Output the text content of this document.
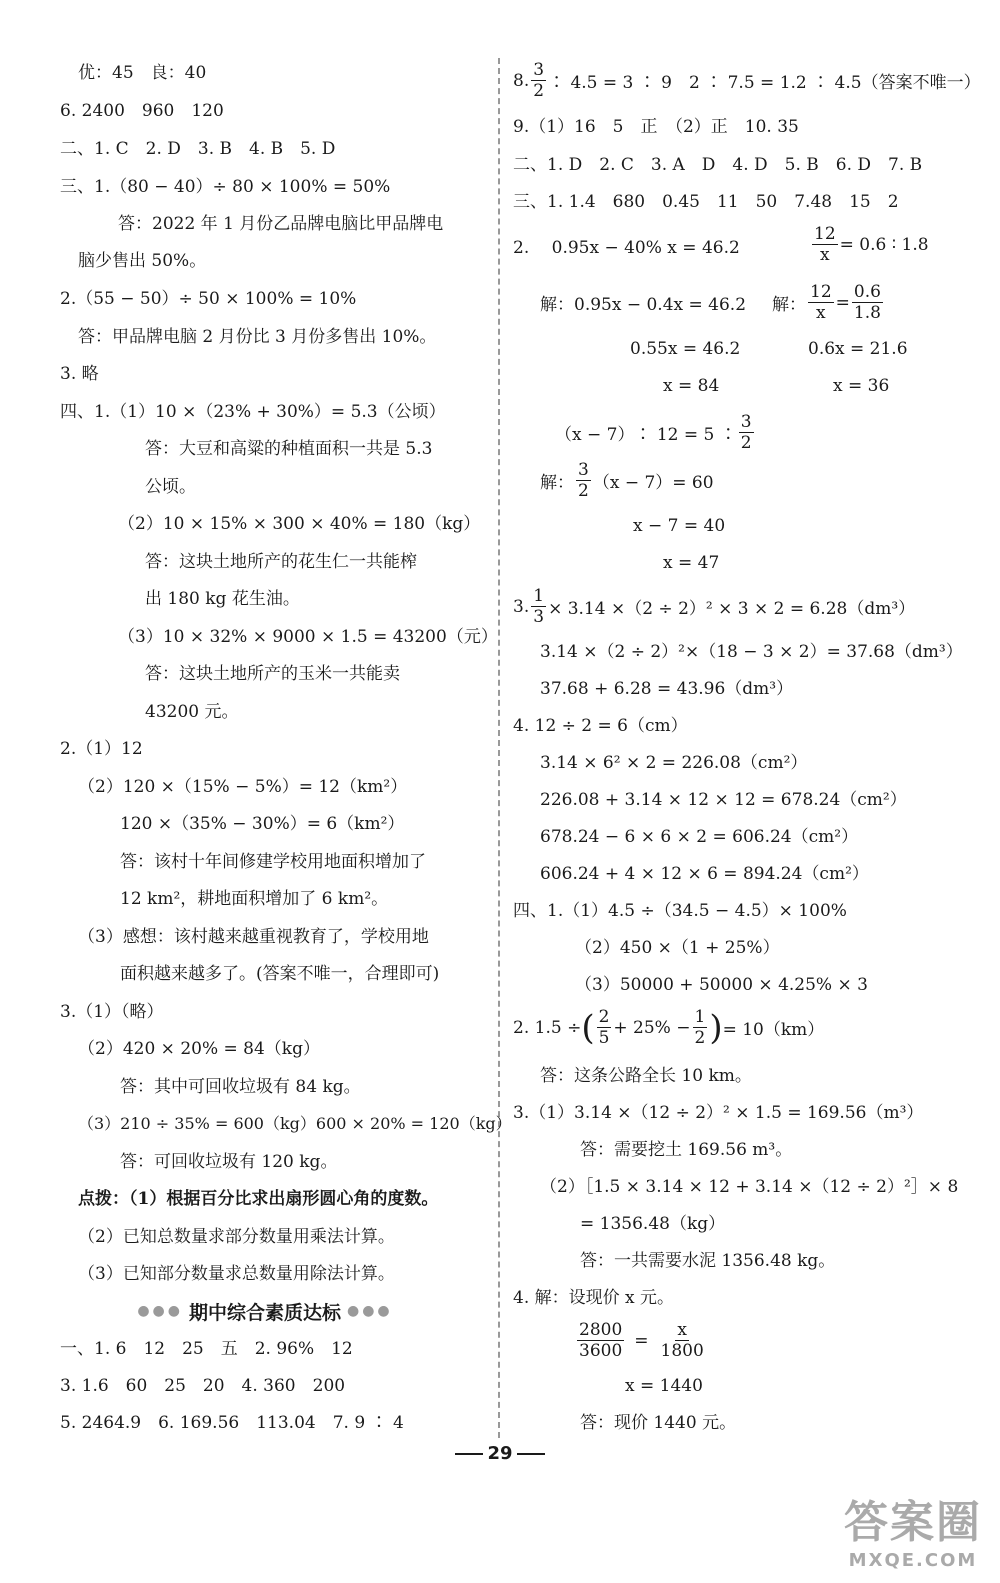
优：45　良：40
6. 2400　960　120
二、1. C　2. D　3. B　4. B　5. D
三、1.（80 − 40）÷ 80 × 100% = 50%
答：2022 年 1 月份乙品牌电脑比甲品牌电
脑少售出 50%。
2.（55 − 50）÷ 50 × 100% = 10%
答：甲品牌电脑 2 月份比 3 月份多售出 10%。
3. 略
四、1.（1）10 ×（23% + 30%）= 5.3（公顷）
答：大豆和高粱的种植面积一共是 5.3
公顷。
（2）10 × 15% × 300 × 40% = 180（kg）
答：这块土地所产的花生仁一共能榨
出 180 kg 花生油。
（3）10 × 32% × 9000 × 1.5 = 43200（元）
答：这块土地所产的玉米一共能卖
43200 元。
2.（1）12
（2）120 ×（15% − 5%）= 12（km²）
120 ×（35% − 30%）= 6（km²）
答：该村十年间修建学校用地面积增加了
12 km²，耕地面积增加了 6 km²。
（3）感想：该村越来越重视教育了，学校用地
面积越来越多了。(答案不唯一，合理即可)
3.（1）（略）
（2）420 × 20% = 84（kg）
答：其中可回收垃圾有 84 kg。
（3）210 ÷ 35% = 600（kg）600 × 20% = 120（kg）
答：可回收垃圾有 120 kg。
点拨：（1）根据百分比求出扇形圆心角的度数。
（2）已知总数量求部分数量用乘法计算。
（3）已知部分数量求总数量用除法计算。
●●● 期中综合素质达标 ●●●
一、1. 6　12　25　五　2. 96%　12
3. 1.6　60　25　20　4. 360　200
5. 2464.9　6. 169.56　113.04　7. 9 ∶ 4
8. $\frac{3}{2}$ ∶ 4.5 = 3 ∶ 9　2 ∶ 7.5 = 1.2 ∶ 4.5（答案不唯一）
9.（1）16　5　正　（2）正　10. 35
二、1. D　2. C　3. A　D　4. D　5. B　6. D　7. B
三、1. 1.4　680　0.45　11　50　7.48　15　2
2.　 0.95x − 40% x = 46.2	$\frac{12}{x} = 0.6$ ∶ 1.8
解：0.95x − 0.4x = 46.2
0.55x = 46.2
x = 84
解： $\frac{12}{x} = \frac{0.6}{1.8}$
0.6x = 21.6
x = 36
（x − 7）∶ 12 = 5 ∶ $\frac{3}{2}$
解： $\frac{3}{2} (x - 7)= 60$
x − 7 = 40
x = 47
3. $\frac{1}{3} \times 3.14 \times(2 \div 2)^2 \times 3 \times 2 = 6.28(dm^3)$
3.14 ×（2 ÷ 2）²×（18 − 3 × 2）= 37.68（dm³）
37.68 + 6.28 = 43.96（dm³）
4. 12 ÷ 2 = 6（cm）
3.14 × 6² × 2 = 226.08（cm²）
226.08 + 3.14 × 12 × 12 = 678.24（cm²）
678.24 − 6 × 6 × 2 = 606.24（cm²）
606.24 + 4 × 12 × 6 = 894.24（cm²）
四、1.（1）4.5 ÷（34.5 − 4.5）× 100%
（2）450 ×（1 + 25%）
（3）50000 + 50000 × 4.25% × 3
2. 1.5 ÷ ( $\frac{2}{5} + 25\% - \frac{1}{2}$ ) = 10（km）
答：这条公路全长 10 km。
3.（1）3.14 ×（12 ÷ 2）² × 1.5 = 169.56（m³）
答：需要挖土 169.56 m³。
（2）［1.5 × 3.14 × 12 + 3.14 ×（12 ÷ 2）²］× 8
= 1356.48（kg）
答：一共需要水泥 1356.48 kg。
4. 解：设现价 x 元。
$\frac{2800}{3600} = \frac{x}{1800}$
x = 1440
答：现价 1440 元。
29
答案圈
MXQE.COM
